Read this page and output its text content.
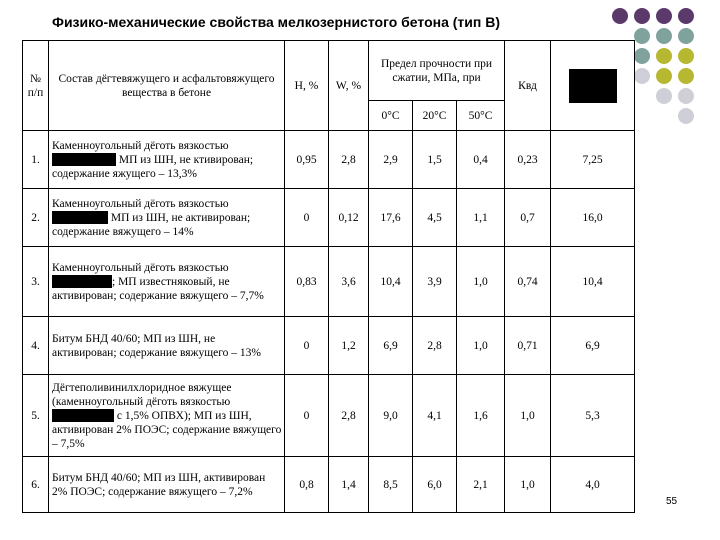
Физико-механические свойства мелкозернистого бетона (тип В)
№ п/п	Состав дёгтевяжущего и асфальтовяжущего вещества в бетоне	Н, %	W, %	Предел прочности при сжатии, МПа, при			Квд	
				0°С	20°С	50°С		
1.	Каменноугольный дёготь вязкостью  МП из ШН, не ктивирован; содержание яжущего – 13,3%	0,95	2,8	2,9	1,5	0,4	0,23	7,25
2.	Каменноугольный дёготь вязкостью  МП из ШН, не активирован; содержание вяжущего – 14%	0	0,12	17,6	4,5	1,1	0,7	16,0
3.	Каменноугольный дёготь вязкостью ; МП известняковый, не активирован; содержание вяжущего – 7,7%	0,83	3,6	10,4	3,9	1,0	0,74	10,4
4.	Битум БНД 40/60; МП из ШН, не активирован; содержание вяжущего – 13%	0	1,2	6,9	2,8	1,0	0,71	6,9
5.	Дёгтеполивинилхлоридное вяжущее (каменноугольный дёготь вязкостью  с 1,5% ОПВХ); МП из ШН, активирован 2% ПОЭС; содержание вяжущего – 7,5%	0	2,8	9,0	4,1	1,6	1,0	5,3
6.	Битум БНД 40/60; МП из ШН, активирован 2% ПОЭС; содержание вяжущего – 7,2%	0,8	1,4	8,5	6,0	2,1	1,0	4,0
55
